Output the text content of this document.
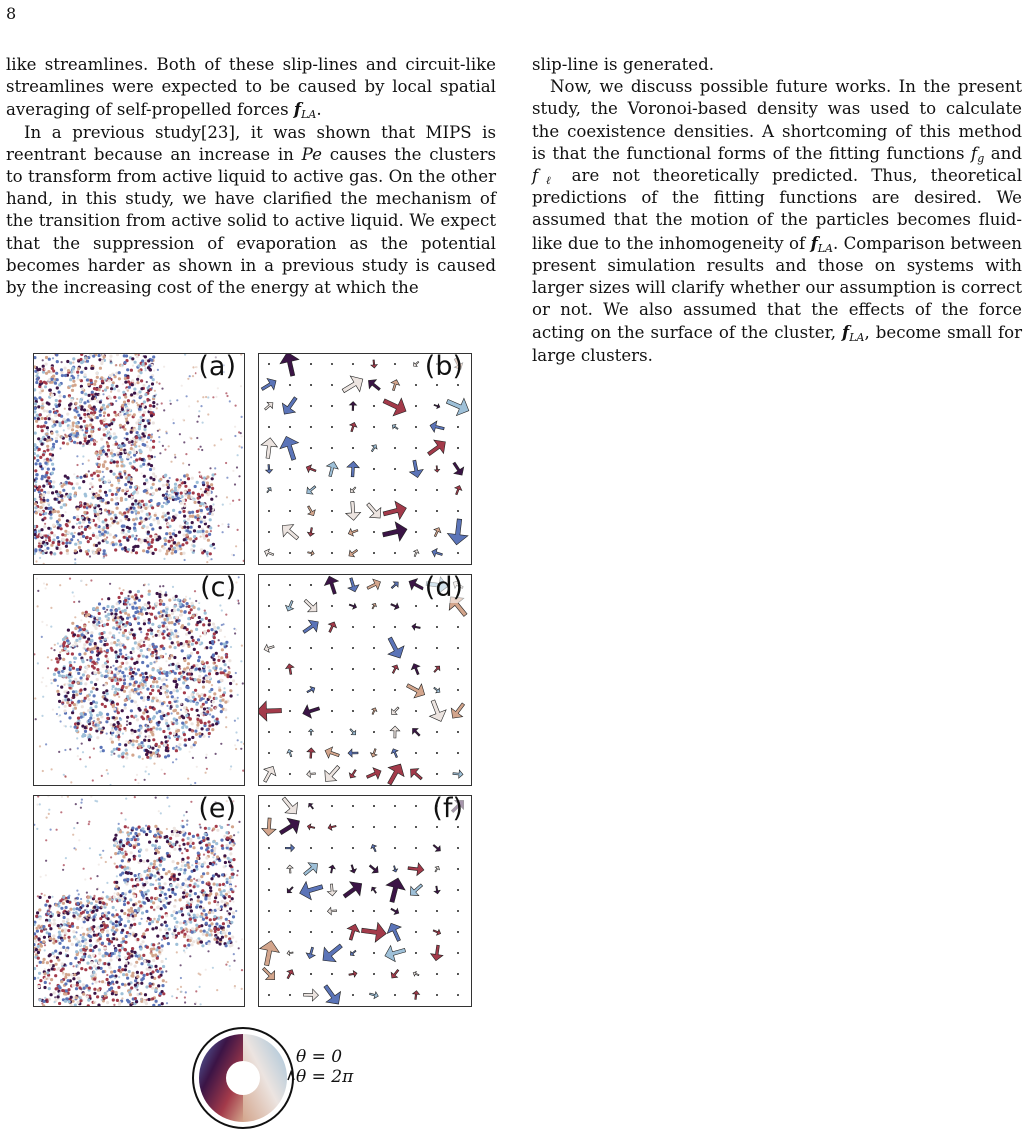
8

like streamlines. Both of these slip-lines and circuit-like streamlines were expected to be caused by local spatial averaging of self-propelled forces $f_{LA}$.

In a previous study[23], it was shown that MIPS is reentrant because an increase in Pe causes the clusters to transform from active liquid to active gas. On the other hand, in this study, we have clarified the mechanism of the transition from active solid to active liquid. We expect that the suppression of evaporation as the potential becomes harder as shown in a previous study is caused by the increasing cost of the energy at which the

slip-line is generated.

Now, we discuss possible future works. In the present study, the Voronoi-based density was used to calculate the coexistence densities. A shortcoming of this method is that the functional forms of the fitting functions $f_g$ and $f_\ell$ are not theoretically predicted. Thus, theoretical predictions of the fitting functions are desired. We assumed that the motion of the particles becomes fluid-like due to the inhomogeneity of $f_{LA}$. Comparison between present simulation results and those on systems with larger sizes will clarify whether our assumption is correct or not. We also assumed that the effects of the force acting on the surface of the cluster, $f_{LA}$, become small for large clusters.

(a)	(b)
(c)	(d)
(e)	(f)
θ = 0
θ = 2π
